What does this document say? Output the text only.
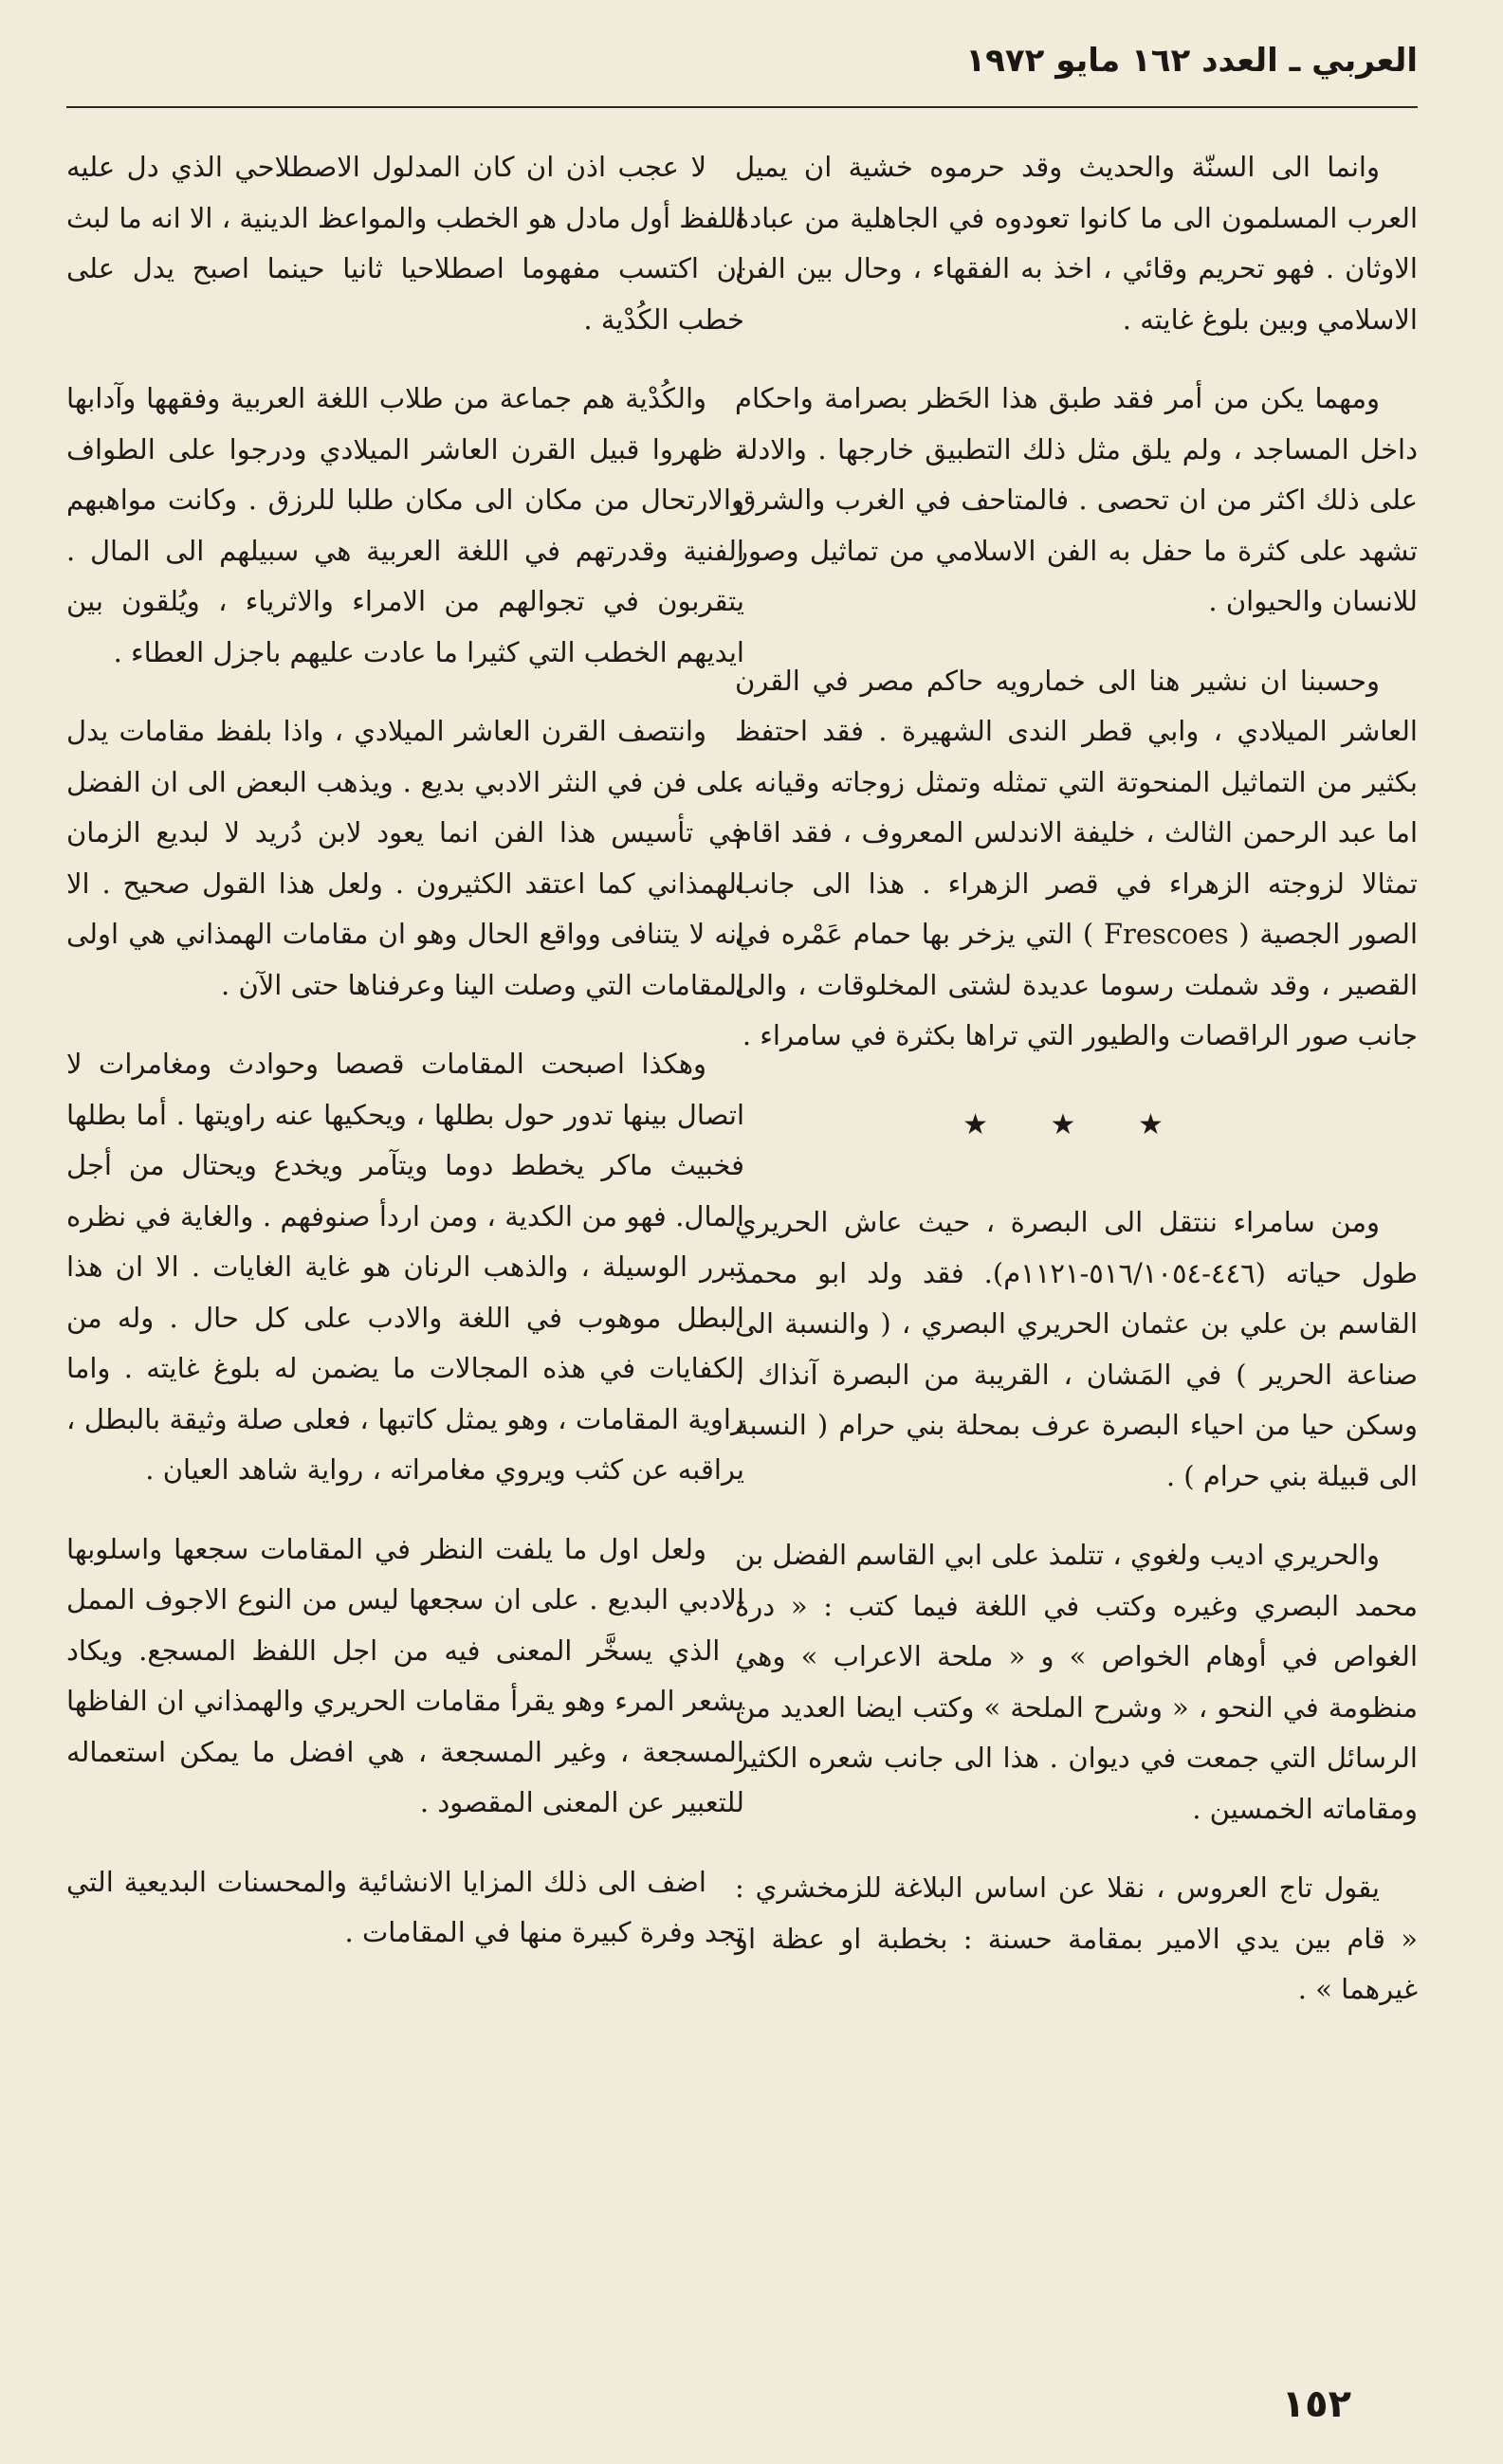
العربي ـ العدد ١٦٢ مايو ١٩٧٢

وانما الى السنّة والحديث وقد حرموه خشية ان يميل العرب المسلمون الى ما كانوا تعودوه في الجاهلية من عبادة الاوثان . فهو تحريم وقائي ، اخذ به الفقهاء ، وحال بين الفن الاسلامي وبين بلوغ غايته .

ومهما يكن من أمر فقد طبق هذا الحَظر بصرامة واحكام داخل المساجد ، ولم يلق مثل ذلك التطبيق خارجها . والادلة على ذلك اكثر من ان تحصى . فالمتاحف في الغرب والشرق تشهد على كثرة ما حفل به الفن الاسلامي من تماثيل وصور للانسان والحيوان .

وحسبنا ان نشير هنا الى خمارويه حاكم مصر في القرن العاشر الميلادي ، وابي قطر الندى الشهيرة . فقد احتفظ بكثير من التماثيل المنحوتة التي تمثله وتمثل زوجاته وقيانه . اما عبد الرحمن الثالث ، خليفة الاندلس المعروف ، فقد اقام تمثالا لزوجته الزهراء في قصر الزهراء . هذا الى جانب الصور الجصية ( Frescoes ) التي يزخر بها حمام عَمْره في القصير ، وقد شملت رسوما عديدة لشتى المخلوقات ، والى جانب صور الراقصات والطيور التي تراها بكثرة في سامراء .

★ ★ ★

ومن سامراء ننتقل الى البصرة ، حيث عاش الحريري طول حياته (٤٤٦-٥١٦/١٠٥٤-١١٢١م). فقد ولد ابو محمد القاسم بن علي بن عثمان الحريري البصري ، ( والنسبة الى صناعة الحرير ) في المَشان ، القريبة من البصرة آنذاك ، وسكن حيا من احياء البصرة عرف بمحلة بني حرام ( النسبة الى قبيلة بني حرام ) .

والحريري اديب ولغوي ، تتلمذ على ابي القاسم الفضل بن محمد البصري وغيره وكتب في اللغة فيما كتب : « درة الغواص في أوهام الخواص » و « ملحة الاعراب » وهي منظومة في النحو ، « وشرح الملحة » وكتب ايضا العديد من الرسائل التي جمعت في ديوان . هذا الى جانب شعره الكثير ومقاماته الخمسين .

يقول تاج العروس ، نقلا عن اساس البلاغة للزمخشري : « قام بين يدي الامير بمقامة حسنة : بخطبة او عظة او غيرهما » .

لا عجب اذن ان كان المدلول الاصطلاحي الذي دل عليه اللفظ أول مادل هو الخطب والمواعظ الدينية ، الا انه ما لبث ان اكتسب مفهوما اصطلاحيا ثانيا حينما اصبح يدل على خطب الكُدْية .

والكُدْية هم جماعة من طلاب اللغة العربية وفقهها وآدابها ، ظهروا قبيل القرن العاشر الميلادي ودرجوا على الطواف والارتحال من مكان الى مكان طلبا للرزق . وكانت مواهبهم الفنية وقدرتهم في اللغة العربية هي سبيلهم الى المال . يتقربون في تجوالهم من الامراء والاثرياء ، ويُلقون بين ايديهم الخطب التي كثيرا ما عادت عليهم باجزل العطاء .

وانتصف القرن العاشر الميلادي ، واذا بلفظ مقامات يدل على فن في النثر الادبي بديع . ويذهب البعض الى ان الفضل في تأسيس هذا الفن انما يعود لابن دُريد لا لبديع الزمان الهمذاني كما اعتقد الكثيرون . ولعل هذا القول صحيح . الا انه لا يتنافى وواقع الحال وهو ان مقامات الهمذاني هي اولى المقامات التي وصلت الينا وعرفناها حتى الآن .

وهكذا اصبحت المقامات قصصا وحوادث ومغامرات لا اتصال بينها تدور حول بطلها ، ويحكيها عنه راويتها . أما بطلها فخبيث ماكر يخطط دوما ويتآمر ويخدع ويحتال من أجل المال. فهو من الكدية ، ومن اردأ صنوفهم . والغاية في نظره تبرر الوسيلة ، والذهب الرنان هو غاية الغايات . الا ان هذا البطل موهوب في اللغة والادب على كل حال . وله من الكفايات في هذه المجالات ما يضمن له بلوغ غايته . واما راوية المقامات ، وهو يمثل كاتبها ، فعلى صلة وثيقة بالبطل ، يراقبه عن كثب ويروي مغامراته ، رواية شاهد العيان .

ولعل اول ما يلفت النظر في المقامات سجعها واسلوبها الادبي البديع . على ان سجعها ليس من النوع الاجوف الممل ، الذي يسخَّر المعنى فيه من اجل اللفظ المسجع. ويكاد يشعر المرء وهو يقرأ مقامات الحريري والهمذاني ان الفاظها المسجعة ، وغير المسجعة ، هي افضل ما يمكن استعماله للتعبير عن المعنى المقصود .

اضف الى ذلك المزايا الانشائية والمحسنات البديعية التي تجد وفرة كبيرة منها في المقامات .

١٥٢
